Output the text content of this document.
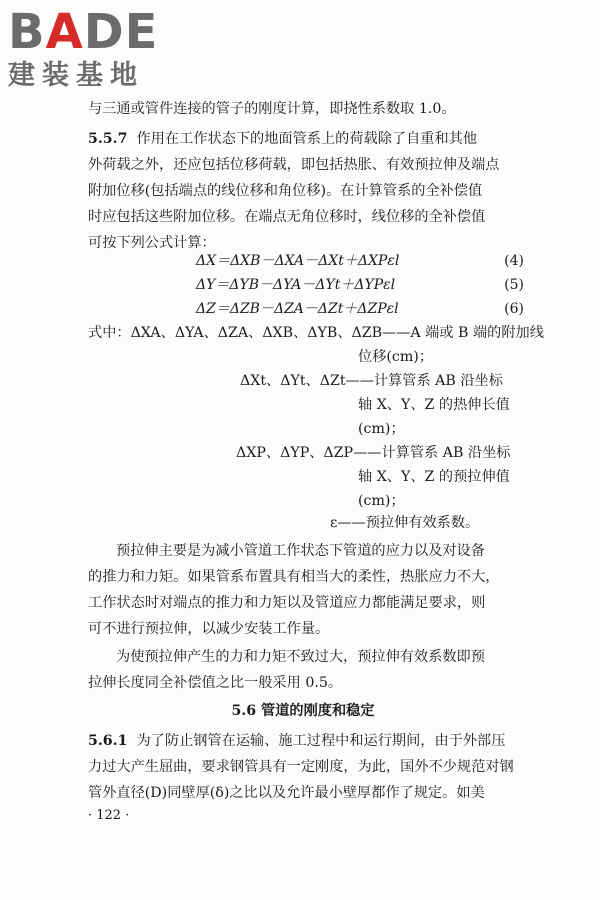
BADE
建装基地
与三通或管件连接的管子的刚度计算，即挠性系数取 1.0。
5.5.7 作用在工作状态下的地面管系上的荷载除了自重和其他
外荷载之外，还应包括位移荷载，即包括热胀、有效预拉伸及端点
附加位移(包括端点的线位移和角位移)。在计算管系的全补偿值
时应包括这些附加位移。在端点无角位移时，线位移的全补偿值
可按下列公式计算：
ΔX＝ΔXB－ΔXA－ΔXt＋ΔXPεl	(4)
ΔY＝ΔYB－ΔYA－ΔYt＋ΔYPεl	(5)
ΔZ＝ΔZB－ΔZA－ΔZt＋ΔZPεl	(6)
式中：ΔXA、ΔYA、ΔZA、ΔXB、ΔYB、ΔZB——A 端或 B 端的附加线
位移(cm)；
ΔXt、ΔYt、ΔZt——计算管系 AB 沿坐标
轴 X、Y、Z 的热伸长值
(cm)；
ΔXP、ΔYP、ΔZP——计算管系 AB 沿坐标
轴 X、Y、Z 的预拉伸值
(cm)；
ε——预拉伸有效系数。
预拉伸主要是为减小管道工作状态下管道的应力以及对设备
的推力和力矩。如果管系布置具有相当大的柔性，热胀应力不大，
工作状态时对端点的推力和力矩以及管道应力都能满足要求，则
可不进行预拉伸，以减少安装工作量。
为使预拉伸产生的力和力矩不致过大，预拉伸有效系数即预
拉伸长度同全补偿值之比一般采用 0.5。
5.6 管道的刚度和稳定
5.6.1 为了防止钢管在运输、施工过程中和运行期间，由于外部压
力过大产生屈曲，要求钢管具有一定刚度，为此，国外不少规范对钢
管外直径(D)同壁厚(δ)之比以及允许最小壁厚都作了规定。如美
· 122 ·
